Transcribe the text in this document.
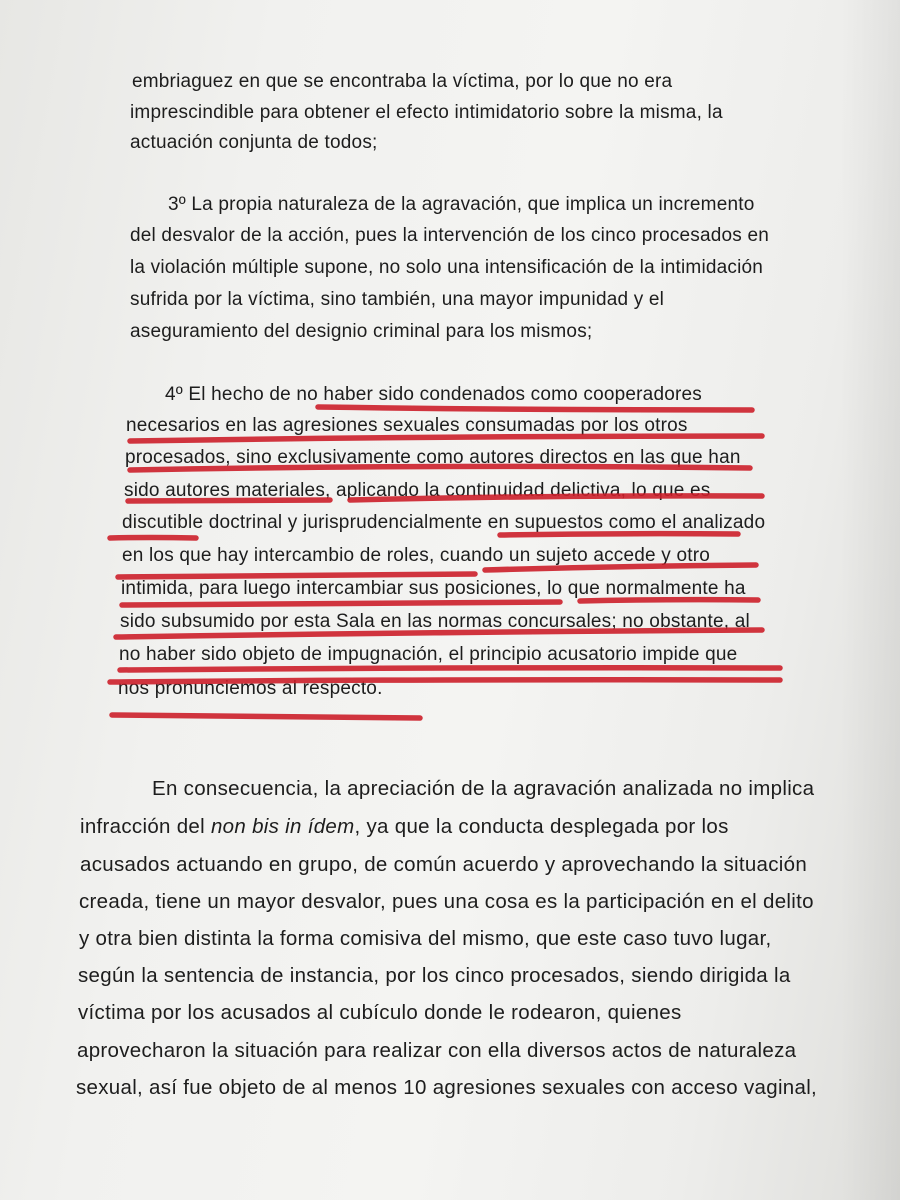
embriaguez en que se encontraba la víctima, por lo que no era
imprescindible para obtener el efecto intimidatorio sobre la misma, la
actuación conjunta de todos;
3º La propia naturaleza de la agravación, que implica un incremento
del desvalor de la acción, pues la intervención de los cinco procesados en
la violación múltiple supone, no solo una intensificación de la intimidación
sufrida por la víctima, sino también, una mayor impunidad y el
aseguramiento del designio criminal para los mismos;
4º El hecho de no haber sido condenados como cooperadores
necesarios en las agresiones sexuales consumadas por los otros
procesados, sino exclusivamente como autores directos en las que han
sido autores materiales, aplicando la continuidad delictiva, lo que es
discutible doctrinal y jurisprudencialmente en supuestos como el analizado
en los que hay intercambio de roles, cuando un sujeto accede y otro
intimida, para luego intercambiar sus posiciones, lo que normalmente ha
sido subsumido por esta Sala en las normas concursales; no obstante, al
no haber sido objeto de impugnación, el principio acusatorio impide que
nos pronunciemos al respecto.
En consecuencia, la apreciación de la agravación analizada no implica
infracción del non bis in ídem, ya que la conducta desplegada por los
acusados actuando en grupo, de común acuerdo y aprovechando la situación
creada, tiene un mayor desvalor, pues una cosa es la participación en el delito
y otra bien distinta la forma comisiva del mismo, que este caso tuvo lugar,
según la sentencia de instancia, por los cinco procesados, siendo dirigida la
víctima por los acusados al cubículo donde le rodearon, quienes
aprovecharon la situación para realizar con ella diversos actos de naturaleza
sexual, así fue objeto de al menos 10 agresiones sexuales con acceso vaginal,
